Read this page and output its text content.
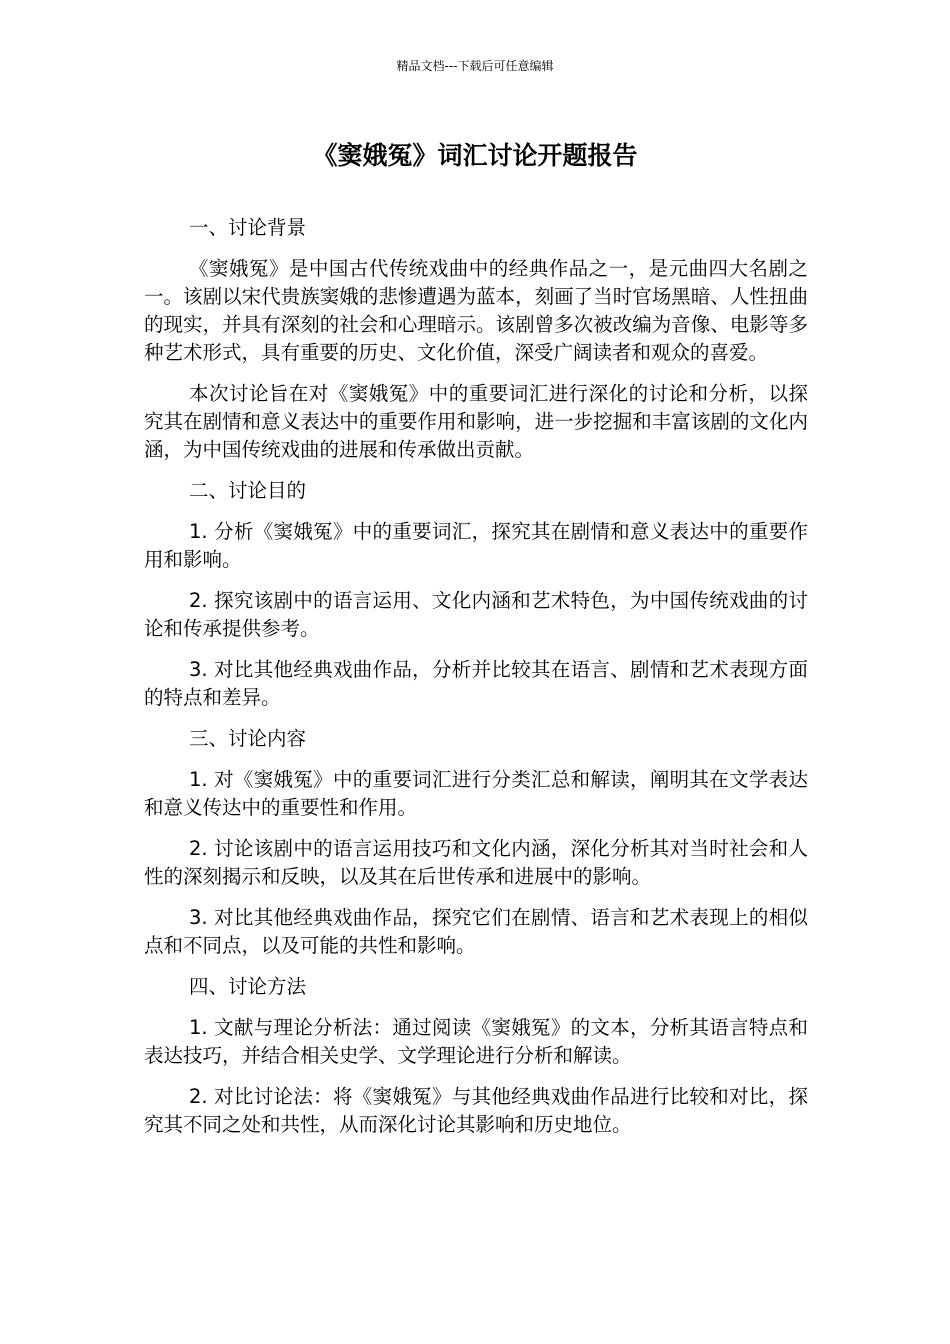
精品文档---下载后可任意编辑
《窦娥冤》词汇讨论开题报告

一、讨论背景

《窦娥冤》是中国古代传统戏曲中的经典作品之一，是元曲四大名剧之一。该剧以宋代贵族窦娥的悲惨遭遇为蓝本，刻画了当时官场黑暗、人性扭曲的现实，并具有深刻的社会和心理暗示。该剧曾多次被改编为音像、电影等多种艺术形式，具有重要的历史、文化价值，深受广阔读者和观众的喜爱。

本次讨论旨在对《窦娥冤》中的重要词汇进行深化的讨论和分析，以探究其在剧情和意义表达中的重要作用和影响，进一步挖掘和丰富该剧的文化内涵，为中国传统戏曲的进展和传承做出贡献。

二、讨论目的

1. 分析《窦娥冤》中的重要词汇，探究其在剧情和意义表达中的重要作用和影响。

2. 探究该剧中的语言运用、文化内涵和艺术特色，为中国传统戏曲的讨论和传承提供参考。

3. 对比其他经典戏曲作品，分析并比较其在语言、剧情和艺术表现方面的特点和差异。

三、讨论内容

1. 对《窦娥冤》中的重要词汇进行分类汇总和解读，阐明其在文学表达和意义传达中的重要性和作用。

2. 讨论该剧中的语言运用技巧和文化内涵，深化分析其对当时社会和人性的深刻揭示和反映，以及其在后世传承和进展中的影响。

3. 对比其他经典戏曲作品，探究它们在剧情、语言和艺术表现上的相似点和不同点，以及可能的共性和影响。

四、讨论方法

1. 文献与理论分析法：通过阅读《窦娥冤》的文本，分析其语言特点和表达技巧，并结合相关史学、文学理论进行分析和解读。

2. 对比讨论法：将《窦娥冤》与其他经典戏曲作品进行比较和对比，探究其不同之处和共性，从而深化讨论其影响和历史地位。
